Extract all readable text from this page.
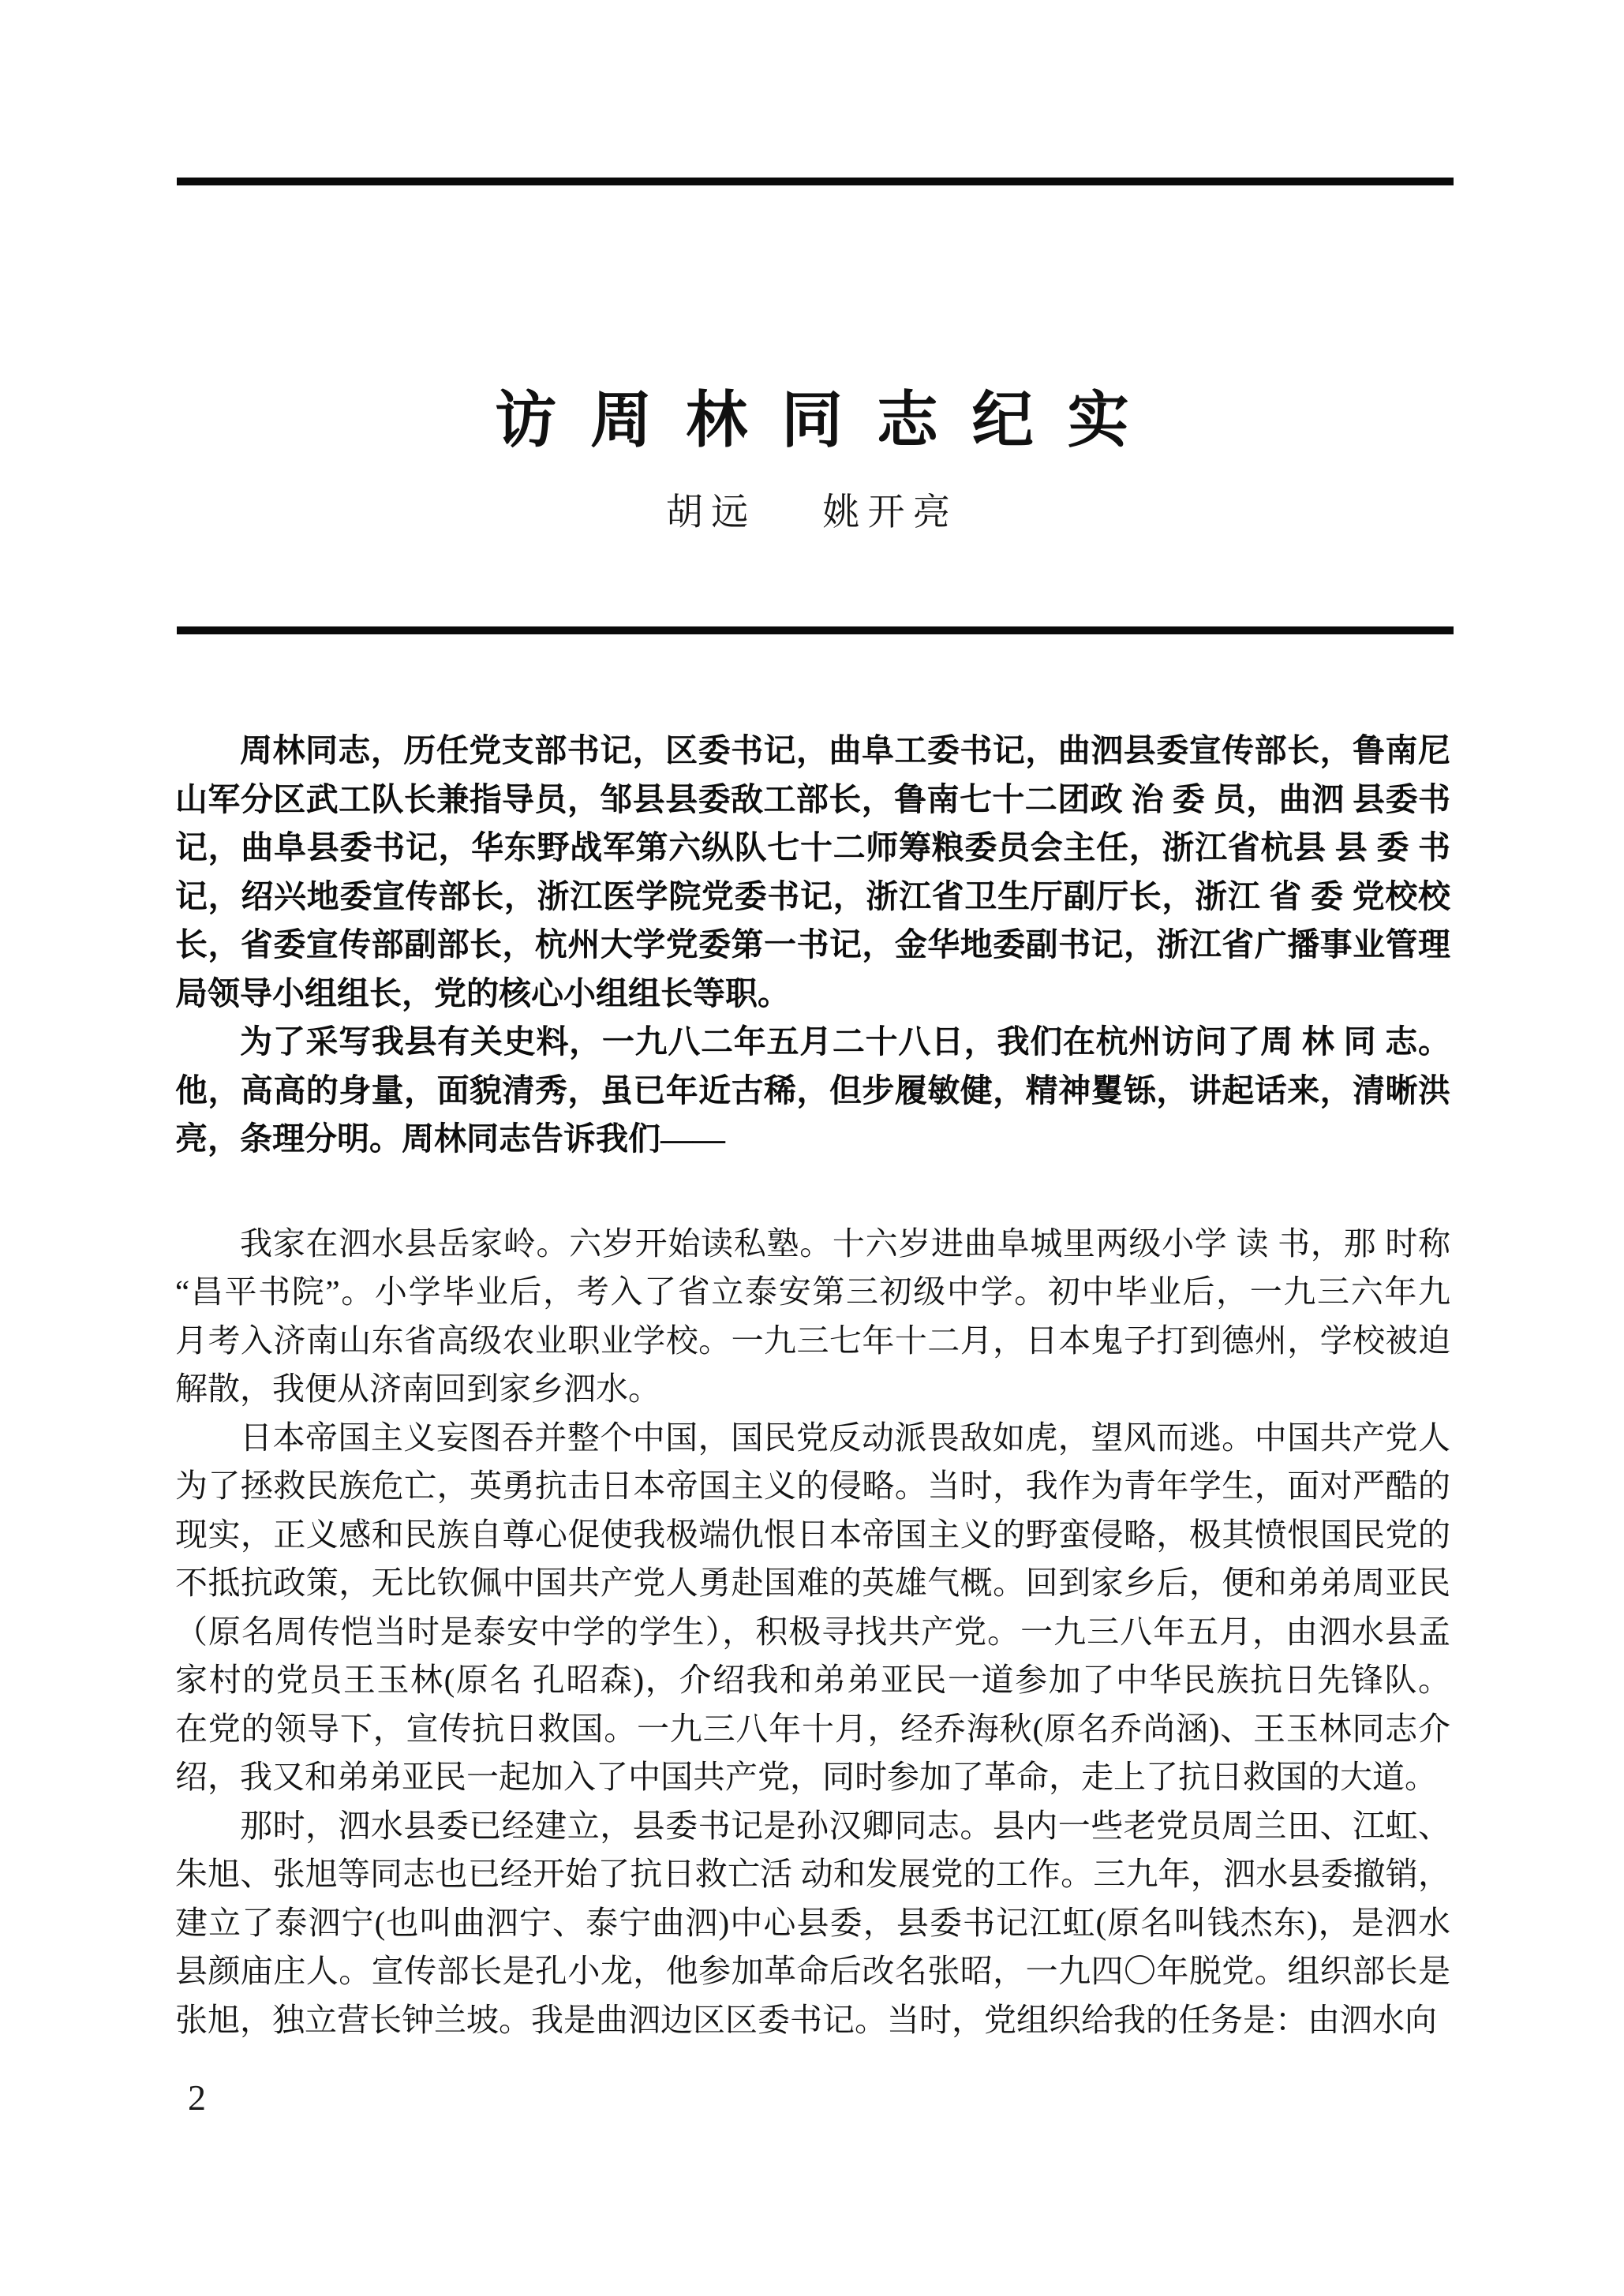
访周林同志纪实
胡远 姚开亮
周林同志，历任党支部书记，区委书记，曲阜工委书记，曲泗县委宣传部长，鲁南尼
山军分区武工队长兼指导员，邹县县委敌工部长，鲁南七十二团政 治 委 员，曲泗 县委书
记，曲阜县委书记，华东野战军第六纵队七十二师筹粮委员会主任，浙江省杭县 县 委 书
记，绍兴地委宣传部长，浙江医学院党委书记，浙江省卫生厅副厅长，浙江 省 委 党校校
长，省委宣传部副部长，杭州大学党委第一书记，金华地委副书记，浙江省广播事业管理
局领导小组组长，党的核心小组组长等职。
为了采写我县有关史料，一九八二年五月二十八日，我们在杭州访问了周 林 同 志。
他，高高的身量，面貌清秀，虽已年近古稀，但步履敏健，精神矍铄，讲起话来，清晰洪
亮，条理分明。周林同志告诉我们——
我家在泗水县岳家岭。六岁开始读私塾。十六岁进曲阜城里两级小学 读 书，那 时称
“昌平书院”。小学毕业后，考入了省立泰安第三初级中学。初中毕业后，一九三六年九
月考入济南山东省高级农业职业学校。一九三七年十二月，日本鬼子打到德州，学校被迫
解散，我便从济南回到家乡泗水。
日本帝国主义妄图吞并整个中国，国民党反动派畏敌如虎，望风而逃。中国共产党人
为了拯救民族危亡，英勇抗击日本帝国主义的侵略。当时，我作为青年学生，面对严酷的
现实，正义感和民族自尊心促使我极端仇恨日本帝国主义的野蛮侵略，极其愤恨国民党的
不抵抗政策，无比钦佩中国共产党人勇赴国难的英雄气概。回到家乡后，便和弟弟周亚民
（原名周传恺当时是泰安中学的学生），积极寻找共产党。一九三八年五月，由泗水县孟
家村的党员王玉林(原名 孔昭森)，介绍我和弟弟亚民一道参加了中华民族抗日先锋队。
在党的领导下，宣传抗日救国。一九三八年十月，经乔海秋(原名乔尚涵)、王玉林同志介
绍，我又和弟弟亚民一起加入了中国共产党，同时参加了革命，走上了抗日救国的大道。
那时，泗水县委已经建立，县委书记是孙汉卿同志。县内一些老党员周兰田、江虹、
朱旭、张旭等同志也已经开始了抗日救亡活 动和发展党的工作。三九年，泗水县委撤销，
建立了泰泗宁(也叫曲泗宁、泰宁曲泗)中心县委，县委书记江虹(原名叫钱杰东)，是泗水
县颜庙庄人。宣传部长是孔小龙，他参加革命后改名张昭，一九四〇年脱党。组织部长是
张旭，独立营长钟兰坡。我是曲泗边区区委书记。当时，党组织给我的任务是：由泗水向
2
